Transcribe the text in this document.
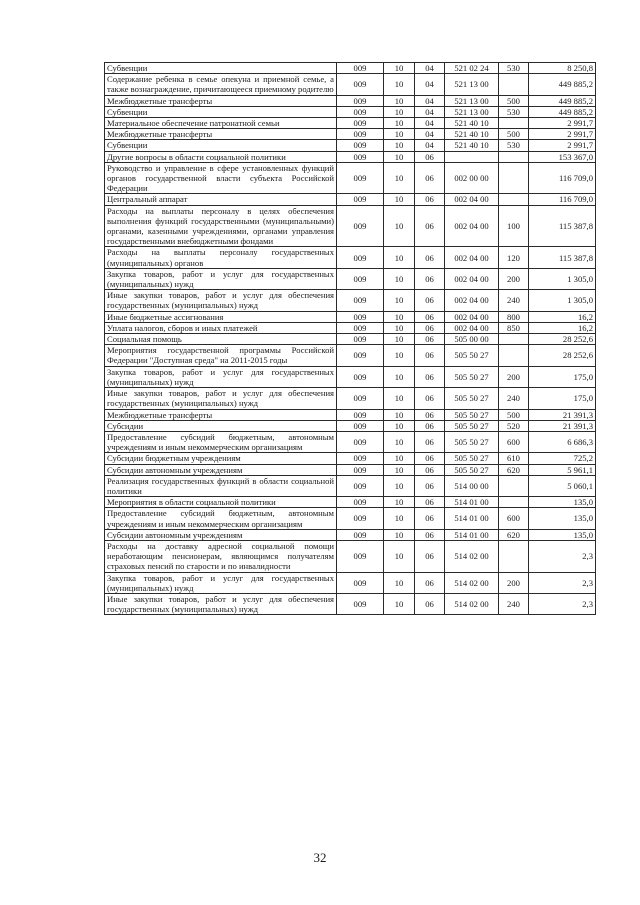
Субвенции	009	10	04	521 02 24	530	8 250,8
Содержание ребенка в семье опекуна и приемной семье, а также вознаграждение, причитающееся приемному родителю	009	10	04	521 13 00		449 885,2
Межбюджетные трансферты	009	10	04	521 13 00	500	449 885,2
Субвенции	009	10	04	521 13 00	530	449 885,2
Материальное обеспечение патронатной семьи	009	10	04	521 40 10		2 991,7
Межбюджетные трансферты	009	10	04	521 40 10	500	2 991,7
Субвенции	009	10	04	521 40 10	530	2 991,7
Другие вопросы в области социальной политики	009	10	06			153 367,0
Руководство и управление в сфере установленных функций органов государственной власти субъекта Российской Федерации	009	10	06	002 00 00		116 709,0
Центральный аппарат	009	10	06	002 04 00		116 709,0
Расходы на выплаты персоналу в целях обеспечения выполнения функций государственными (муниципальными) органами, казенными учреждениями, органами управления государственными внебюджетными фондами	009	10	06	002 04 00	100	115 387,8
Расходы на выплаты персоналу государственных (муниципальных) органов	009	10	06	002 04 00	120	115 387,8
Закупка товаров, работ и услуг для государственных (муниципальных) нужд	009	10	06	002 04 00	200	1 305,0
Иные закупки товаров, работ и услуг для обеспечения государственных (муниципальных) нужд	009	10	06	002 04 00	240	1 305,0
Иные бюджетные ассигнования	009	10	06	002 04 00	800	16,2
Уплата налогов, сборов и иных платежей	009	10	06	002 04 00	850	16,2
Социальная помощь	009	10	06	505 00 00		28 252,6
Мероприятия государственной программы Российской Федерации "Доступная среда" на 2011-2015 годы	009	10	06	505 50 27		28 252,6
Закупка товаров, работ и услуг для государственных (муниципальных) нужд	009	10	06	505 50 27	200	175,0
Иные закупки товаров, работ и услуг для обеспечения государственных (муниципальных) нужд	009	10	06	505 50 27	240	175,0
Межбюджетные трансферты	009	10	06	505 50 27	500	21 391,3
Субсидии	009	10	06	505 50 27	520	21 391,3
Предоставление субсидий бюджетным, автономным учреждениям и иным некоммерческим организациям	009	10	06	505 50 27	600	6 686,3
Субсидии бюджетным учреждениям	009	10	06	505 50 27	610	725,2
Субсидии автономным учреждениям	009	10	06	505 50 27	620	5 961,1
Реализация государственных функций в области социальной политики	009	10	06	514 00 00		5 060,1
Мероприятия в области социальной политики	009	10	06	514 01 00		135,0
Предоставление субсидий бюджетным, автономным учреждениям и иным некоммерческим организациям	009	10	06	514 01 00	600	135,0
Субсидии автономным учреждениям	009	10	06	514 01 00	620	135,0
Расходы на доставку адресной социальной помощи неработающим пенсионерам, являющимся получателям страховых пенсий по старости и по инвалидности	009	10	06	514 02 00		2,3
Закупка товаров, работ и услуг для государственных (муниципальных) нужд	009	10	06	514 02 00	200	2,3
Иные закупки товаров, работ и услуг для обеспечения государственных (муниципальных) нужд	009	10	06	514 02 00	240	2,3
32
